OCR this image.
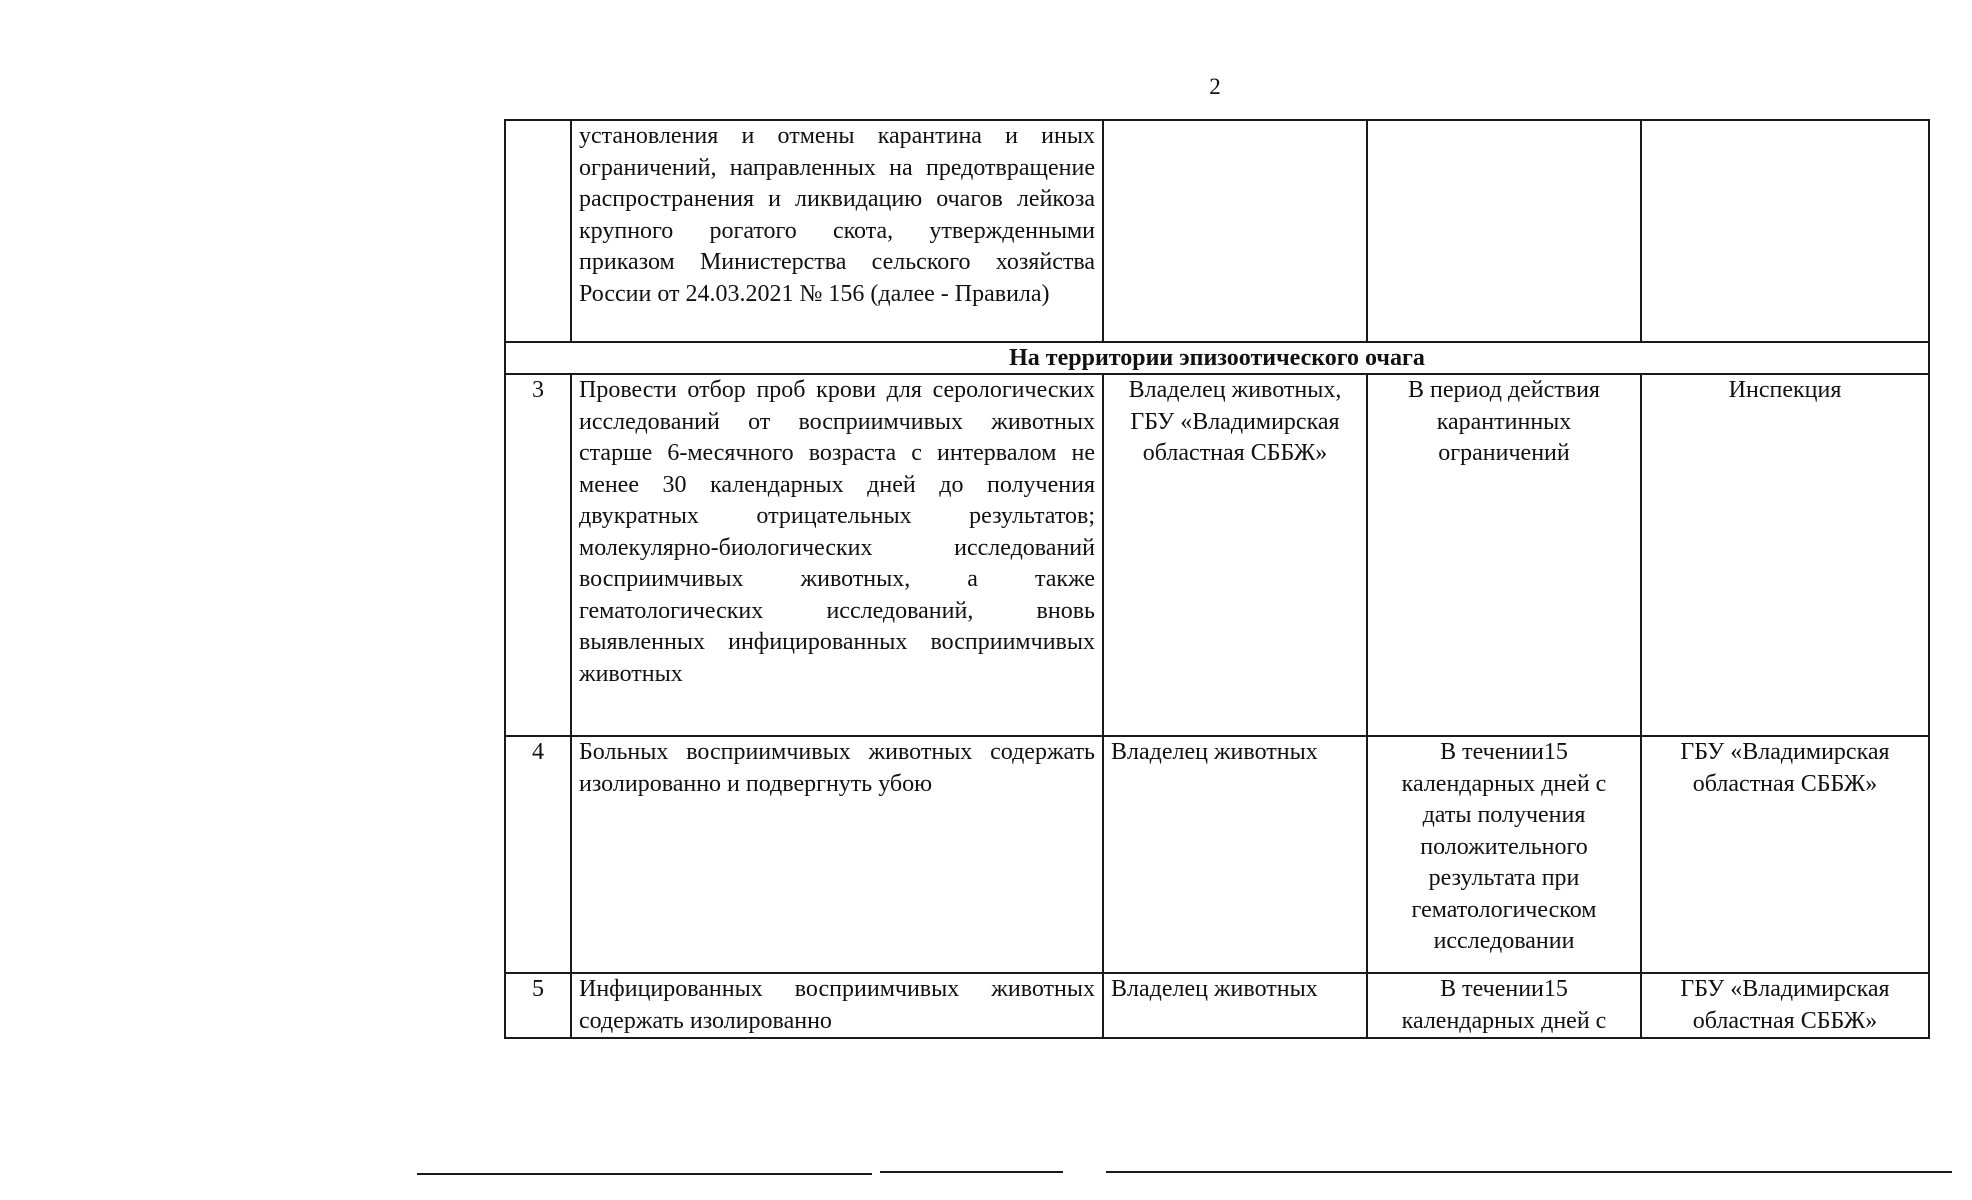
2
	установления и отмены карантина и иных ограничений, направленных на предотвращение распространения и ликвидацию очагов лейкоза крупного рогатого скота, утвержденными приказом Министерства сельского хозяйства России от 24.03.2021 № 156 (далее - Правила)			
На территории эпизоотического очага				
3	Провести отбор проб крови для серологических исследований от восприимчивых животных старше 6-месячного возраста с интервалом не менее 30 календарных дней до получения двукратных отрицательных результатов; молекулярно-биологических исследований восприимчивых животных, а также гематологических исследований, вновь выявленных инфицированных восприимчивых животных	Владелец животных, ГБУ «Владимирская областная СББЖ»	В период действия карантинных ограничений	Инспекция
4	Больных восприимчивых животных содержать изолированно и подвергнуть убою	Владелец животных	В течении15 календарных дней с даты получения положительного результата при гематологическом исследовании	ГБУ «Владимирская областная СББЖ»
5	Инфицированных восприимчивых животных содержать изолированно	Владелец животных	В течении15 календарных дней с	ГБУ «Владимирская областная СББЖ»
